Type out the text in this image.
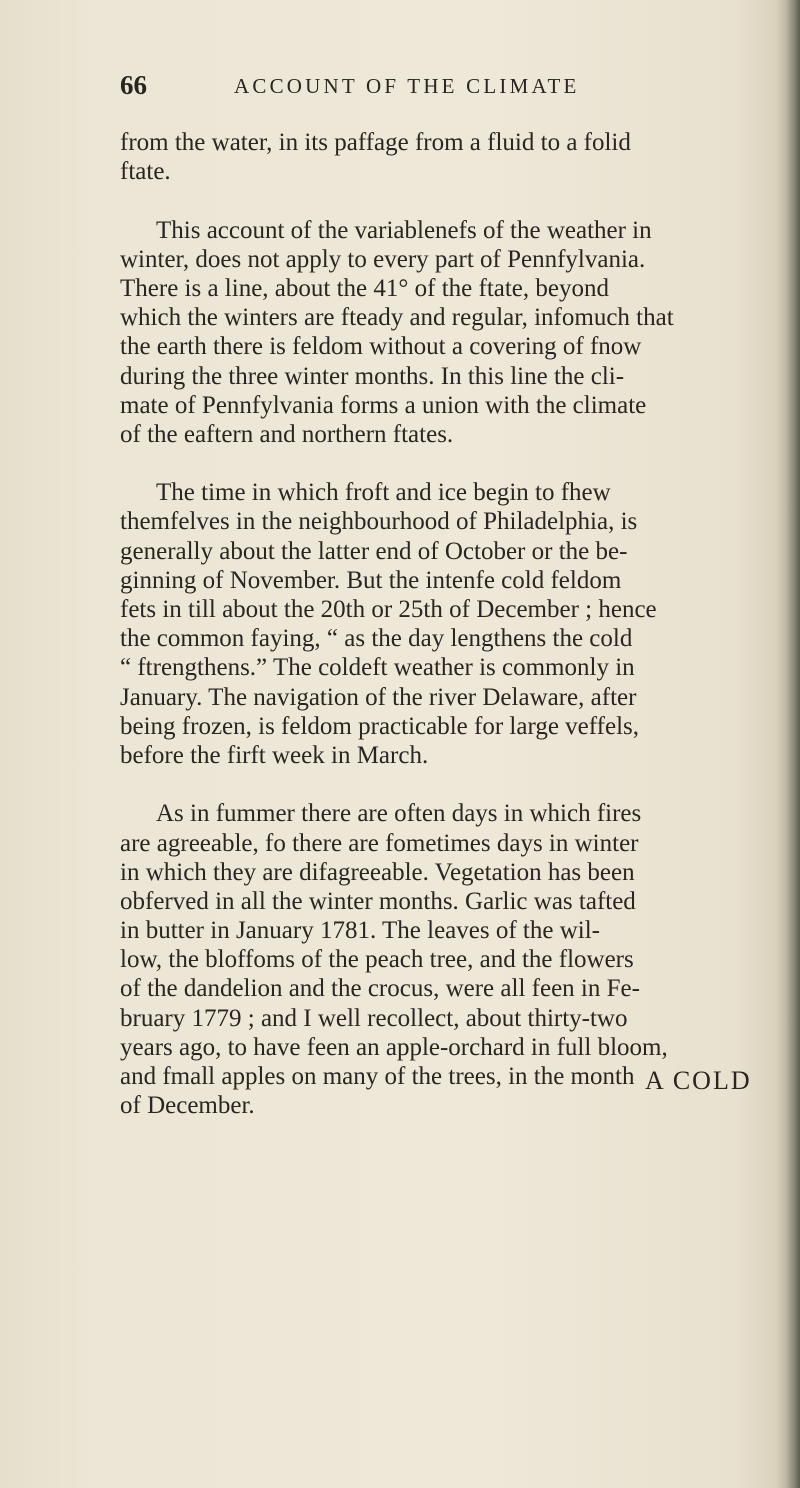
66	ACCOUNT OF THE CLIMATE
from the water, in its paffage from a fluid to a folid
ftate.
This account of the variablenefs of the weather in
winter, does not apply to every part of Pennfylvania.
There is a line, about the 41° of the ftate, beyond
which the winters are fteady and regular, infomuch that
the earth there is feldom without a covering of fnow
during the three winter months. In this line the cli-
mate of Pennfylvania forms a union with the climate
of the eaftern and northern ftates.
The time in which froft and ice begin to fhew
themfelves in the neighbourhood of Philadelphia, is
generally about the latter end of October or the be-
ginning of November. But the intenfe cold feldom
fets in till about the 20th or 25th of December ; hence
the common faying, “ as the day lengthens the cold
“ ftrengthens.” The coldeft weather is commonly in
January. The navigation of the river Delaware, after
being frozen, is feldom practicable for large veffels,
before the firft week in March.
As in fummer there are often days in which fires
are agreeable, fo there are fometimes days in winter
in which they are difagreeable. Vegetation has been
obferved in all the winter months. Garlic was tafted
in butter in January 1781. The leaves of the wil-
low, the bloffoms of the peach tree, and the flowers
of the dandelion and the crocus, were all feen in Fe-
bruary 1779 ; and I well recollect, about thirty-two
years ago, to have feen an apple-orchard in full bloom,
and fmall apples on many of the trees, in the month
of December.
A COLD
